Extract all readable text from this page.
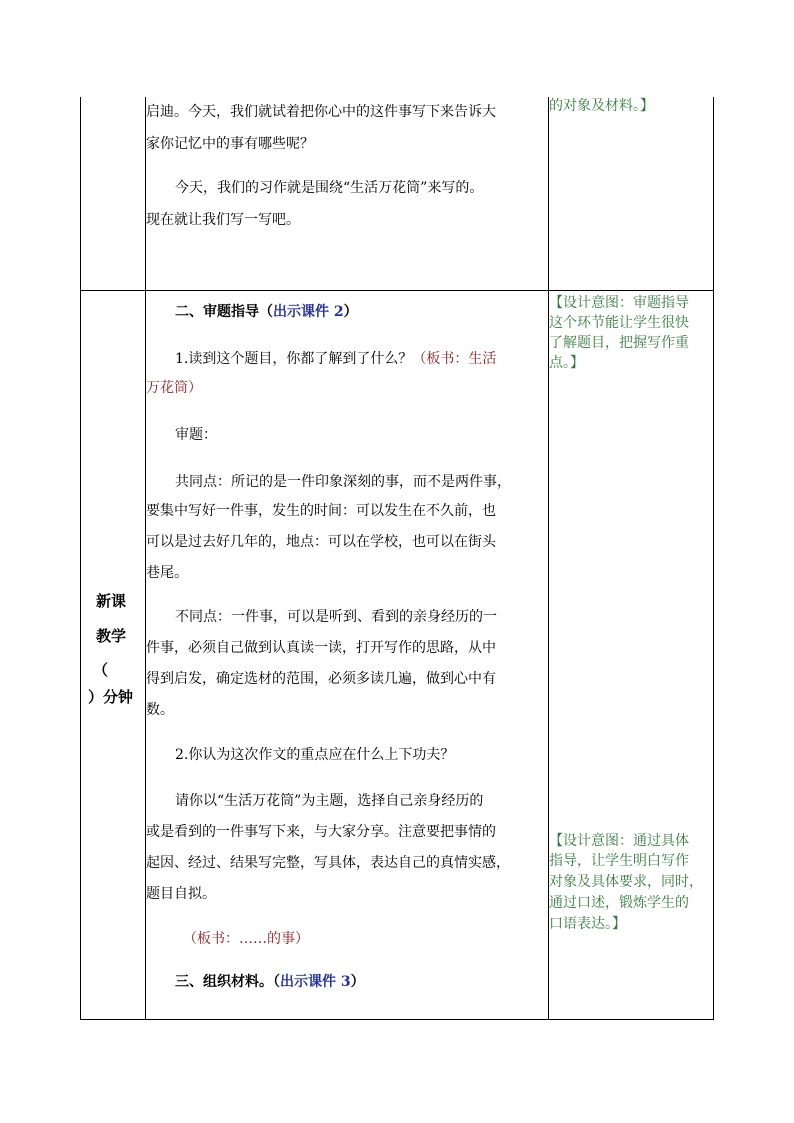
启迪。今天，我们就试着把你心中的这件事写下来告诉大

家你记忆中的事有哪些呢？

今天，我们的习作就是围绕“生活万花筒”来写的。

现在就让我们写一写吧。

的对象及材料。】

新课
教学
（
）分钟

二、审题指导（出示课件 2）

1.读到这个题目，你都了解到了什么？（板书：生活

万花筒）

审题：

共同点：所记的是一件印象深刻的事，而不是两件事，

要集中写好一件事，发生的时间：可以发生在不久前，也

可以是过去好几年的，地点：可以在学校，也可以在街头

巷尾。

不同点：一件事，可以是听到、看到的亲身经历的一

件事，必须自己做到认真读一读，打开写作的思路，从中

得到启发，确定选材的范围，必须多读几遍，做到心中有

数。

2.你认为这次作文的重点应在什么上下功夫？

请你以“生活万花筒”为主题，选择自己亲身经历的

或是看到的一件事写下来，与大家分享。注意要把事情的

起因、经过、结果写完整，写具体，表达自己的真情实感，

题目自拟。

（板书：……的事）

三、组织材料。（出示课件 3）

【设计意图：审题指导

这个环节能让学生很快

了解题目，把握写作重

点。】

【设计意图：通过具体

指导，让学生明白写作

对象及具体要求，同时，

通过口述，锻炼学生的

口语表达。】
